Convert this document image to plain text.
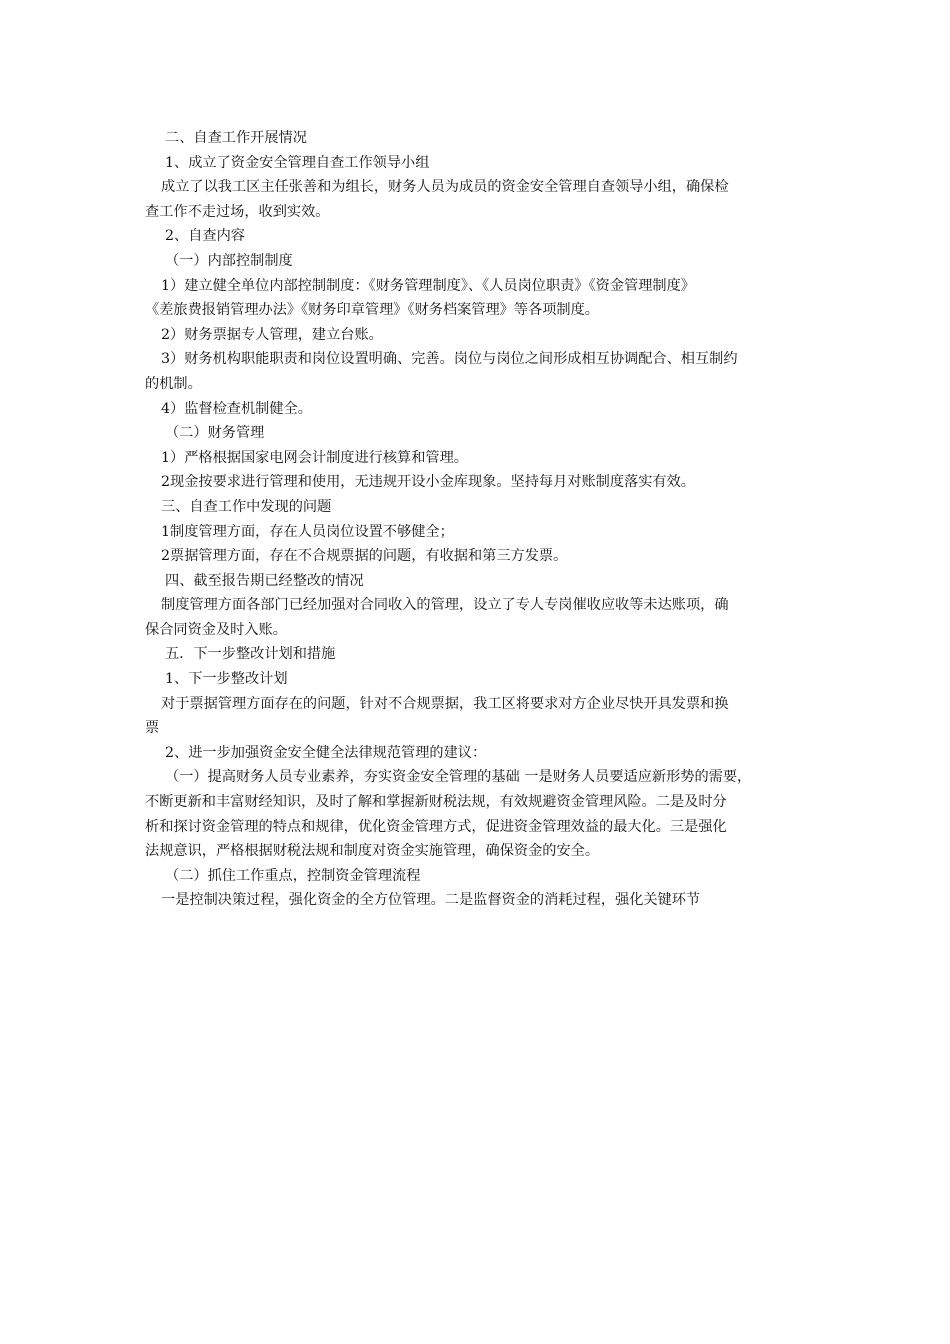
二、自查工作开展情况
1、成立了资金安全管理自查工作领导小组
成立了以我工区主任张善和为组长，财务人员为成员的资金安全管理自查领导小组，确保检
查工作不走过场，收到实效。
2、自查内容
（一）内部控制制度
1）建立健全单位内部控制制度：《财务管理制度》、《人员岗位职责》《资金管理制度》
《差旅费报销管理办法》《财务印章管理》《财务档案管理》等各项制度。
2）财务票据专人管理，建立台账。
3）财务机构职能职责和岗位设置明确、完善。岗位与岗位之间形成相互协调配合、相互制约
的机制。
4）监督检查机制健全。
（二）财务管理
1）严格根据国家电网会计制度进行核算和管理。
2现金按要求进行管理和使用，无违规开设小金库现象。坚持每月对账制度落实有效。
三、自查工作中发现的问题
1制度管理方面，存在人员岗位设置不够健全；
2票据管理方面，存在不合规票据的问题，有收据和第三方发票。
四、截至报告期已经整改的情况
制度管理方面各部门已经加强对合同收入的管理，设立了专人专岗催收应收等未达账项，确
保合同资金及时入账。
五．下一步整改计划和措施
1、下一步整改计划
对于票据管理方面存在的问题，针对不合规票据，我工区将要求对方企业尽快开具发票和换
票
2、进一步加强资金安全健全法律规范管理的建议：
（一）提高财务人员专业素养，夯实资金安全管理的基础 一是财务人员要适应新形势的需要，
不断更新和丰富财经知识，及时了解和掌握新财税法规，有效规避资金管理风险。二是及时分
析和探讨资金管理的特点和规律，优化资金管理方式，促进资金管理效益的最大化。三是强化
法规意识，严格根据财税法规和制度对资金实施管理，确保资金的安全。
（二）抓住工作重点，控制资金管理流程
一是控制决策过程，强化资金的全方位管理。二是监督资金的消耗过程，强化关键环节
